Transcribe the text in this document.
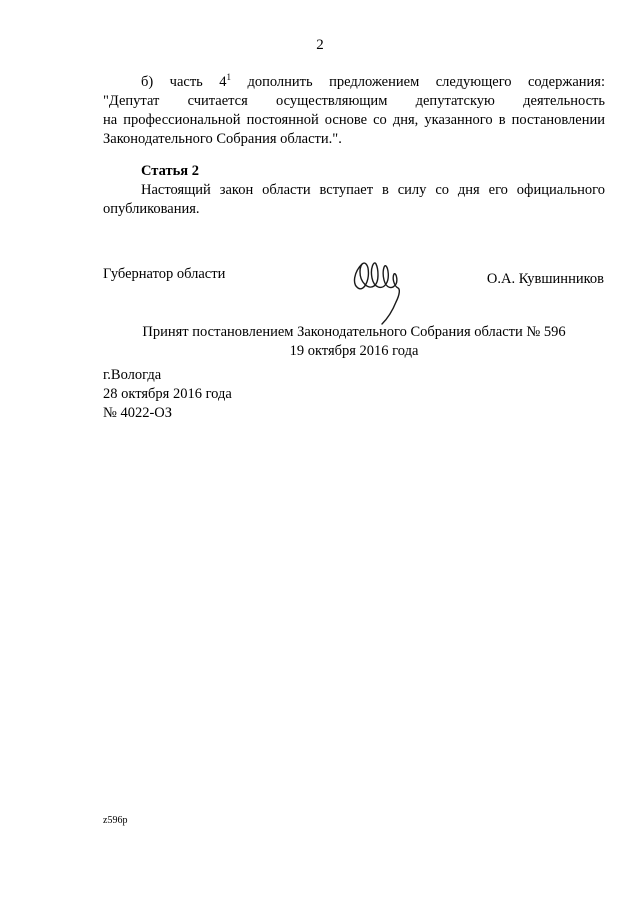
2
б) часть $4^1$ дополнить предложением следующего содержания:
"Депутат считается осуществляющим депутатскую деятельность
на профессиональной постоянной основе со дня, указанного в постановлении
Законодательного Собрания области.".
Статья 2
Настоящий закон области вступает в силу со дня его официального
опубликования.
Губернатор области	О.А. Кувшинников
Принят постановлением Законодательного Собрания области № 596
19 октября 2016 года
г.Вологда
28 октября 2016 года
№ 4022-ОЗ
z596p
